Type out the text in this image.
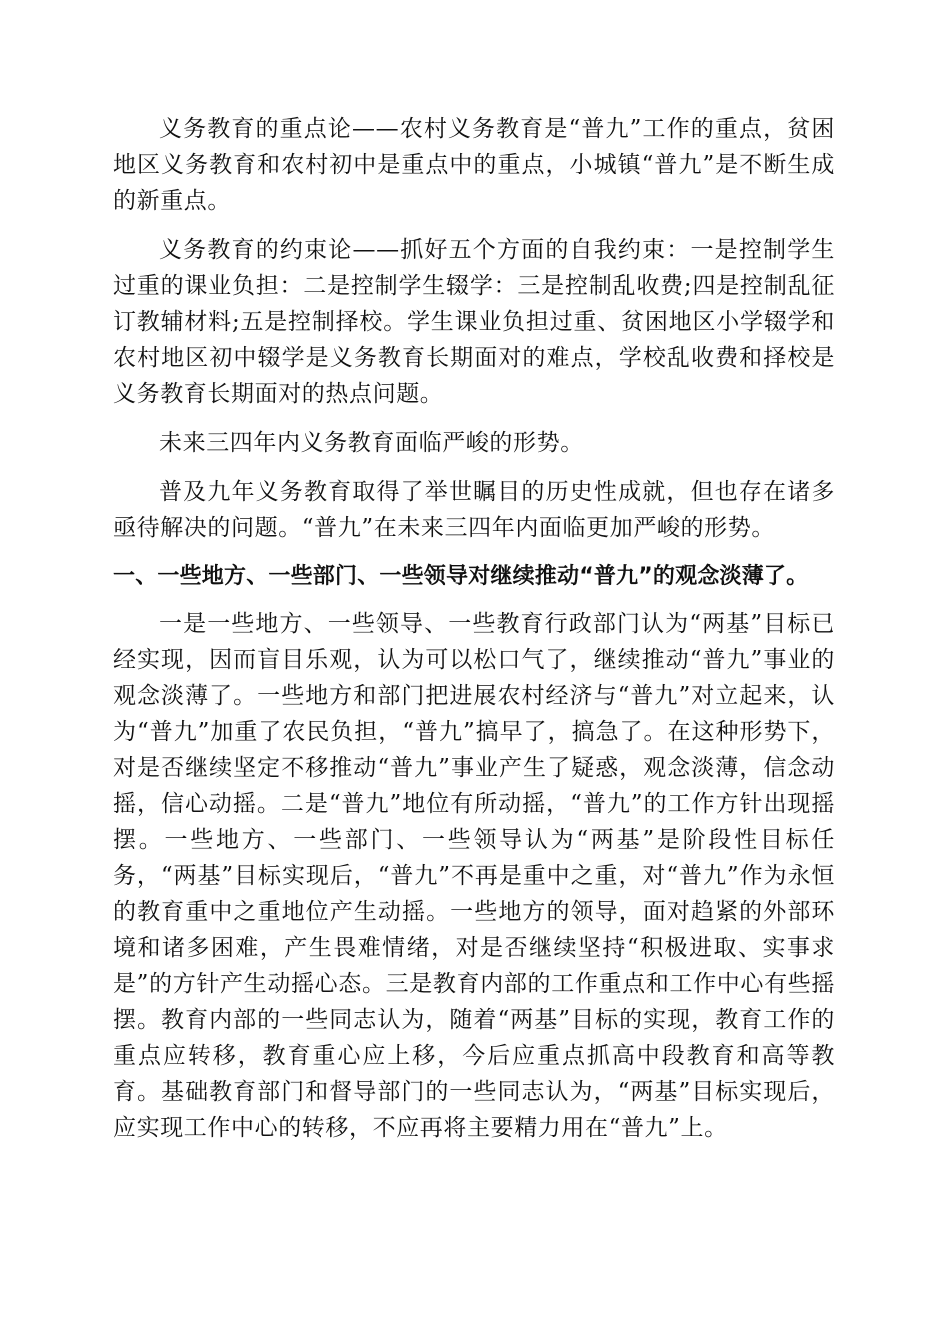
义务教育的重点论——农村义务教育是“普九”工作的重点，贫困地区义务教育和农村初中是重点中的重点，小城镇“普九”是不断生成的新重点。

义务教育的约束论——抓好五个方面的自我约束：一是控制学生过重的课业负担：二是控制学生辍学：三是控制乱收费;四是控制乱征订教辅材料;五是控制择校。学生课业负担过重、贫困地区小学辍学和农村地区初中辍学是义务教育长期面对的难点，学校乱收费和择校是义务教育长期面对的热点问题。

未来三四年内义务教育面临严峻的形势。

普及九年义务教育取得了举世瞩目的历史性成就，但也存在诸多亟待解决的问题。“普九”在未来三四年内面临更加严峻的形势。

一、一些地方、一些部门、一些领导对继续推动“普九”的观念淡薄了。

一是一些地方、一些领导、一些教育行政部门认为“两基”目标已经实现，因而盲目乐观，认为可以松口气了，继续推动“普九”事业的观念淡薄了。一些地方和部门把进展农村经济与“普九”对立起来，认为“普九”加重了农民负担，“普九”搞早了，搞急了。在这种形势下，对是否继续坚定不移推动“普九”事业产生了疑惑，观念淡薄，信念动摇，信心动摇。二是“普九”地位有所动摇，“普九”的工作方针出现摇摆。一些地方、一些部门、一些领导认为“两基”是阶段性目标任务，“两基”目标实现后，“普九”不再是重中之重，对“普九”作为永恒的教育重中之重地位产生动摇。一些地方的领导，面对趋紧的外部环境和诸多困难，产生畏难情绪，对是否继续坚持“积极进取、实事求是”的方针产生动摇心态。三是教育内部的工作重点和工作中心有些摇摆。教育内部的一些同志认为，随着“两基”目标的实现，教育工作的重点应转移，教育重心应上移，今后应重点抓高中段教育和高等教育。基础教育部门和督导部门的一些同志认为，“两基”目标实现后，应实现工作中心的转移，不应再将主要精力用在“普九”上。
